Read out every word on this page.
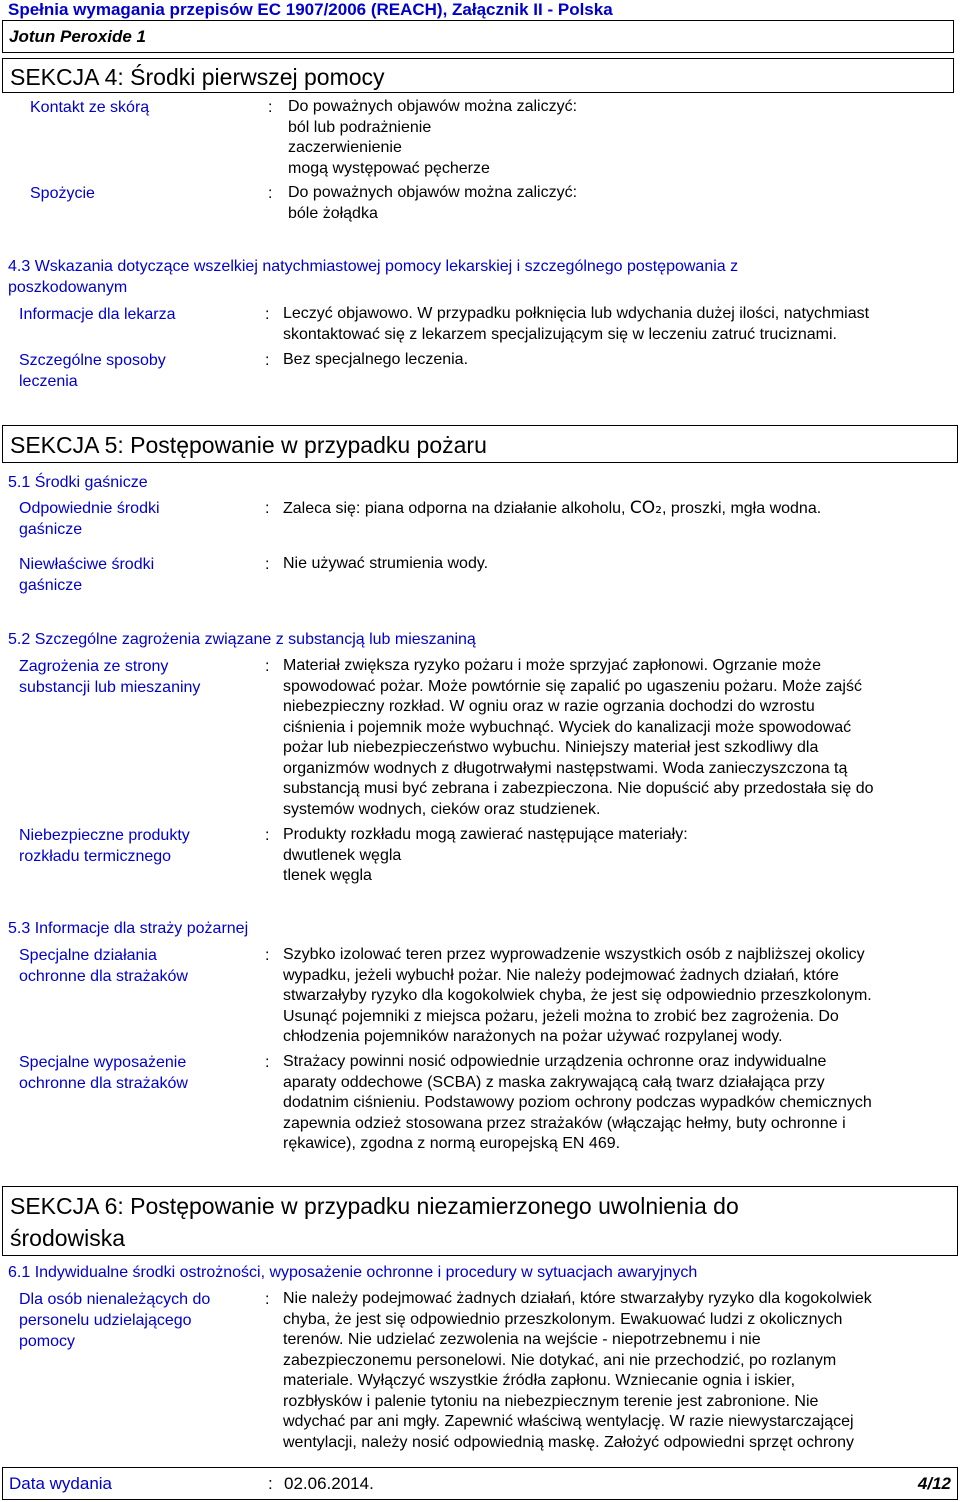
Spełnia wymagania przepisów EC 1907/2006 (REACH), Załącznik II - Polska
Jotun Peroxide 1
SEKCJA 4: Środki pierwszej pomocy
Kontakt ze skórą	: Do poważnych objawów można zaliczyć:
ból lub podrażnienie
zaczerwienienie
mogą występować pęcherze
Spożycie	: Do poważnych objawów można zaliczyć:
bóle żołądka
4.3 Wskazania dotyczące wszelkiej natychmiastowej pomocy lekarskiej i szczególnego postępowania z
poszkodowanym
Informacje dla lekarza	: Leczyć objawowo. W przypadku połknięcia lub wdychania dużej ilości, natychmiast
skontaktować się z lekarzem specjalizującym się w leczeniu zatruć truciznami.
Szczególne sposoby
leczenia
: Bez specjalnego leczenia.
SEKCJA 5: Postępowanie w przypadku pożaru
5.1 Środki gaśnicze
Odpowiednie środki
gaśnicze
: Zaleca się: piana odporna na działanie alkoholu, CO₂, proszki, mgła wodna.
Niewłaściwe środki
gaśnicze
: Nie używać strumienia wody.
5.2 Szczególne zagrożenia związane z substancją lub mieszaniną
Zagrożenia ze strony
substancji lub mieszaniny
: Materiał zwiększa ryzyko pożaru i może sprzyjać zapłonowi. Ogrzanie może
spowodować pożar. Może powtórnie się zapalić po ugaszeniu pożaru. Może zajść
niebezpieczny rozkład. W ogniu oraz w razie ogrzania dochodzi do wzrostu
ciśnienia i pojemnik może wybuchnąć. Wyciek do kanalizacji może spowodować
pożar lub niebezpieczeństwo wybuchu. Niniejszy materiał jest szkodliwy dla
organizmów wodnych z długotrwałymi następstwami. Woda zanieczyszczona tą
substancją musi być zebrana i zabezpieczona. Nie dopuścić aby przedostała się do
systemów wodnych, cieków oraz studzienek.
Niebezpieczne produkty
rozkładu termicznego
: Produkty rozkładu mogą zawierać następujące materiały:
dwutlenek węgla
tlenek węgla
5.3 Informacje dla straży pożarnej
Specjalne działania
ochronne dla strażaków
: Szybko izolować teren przez wyprowadzenie wszystkich osób z najbliższej okolicy
wypadku, jeżeli wybuchł pożar. Nie należy podejmować żadnych działań, które
stwarzałyby ryzyko dla kogokolwiek chyba, że jest się odpowiednio przeszkolonym.
Usunąć pojemniki z miejsca pożaru, jeżeli można to zrobić bez zagrożenia. Do
chłodzenia pojemników narażonych na pożar używać rozpylanej wody.
Specjalne wyposażenie
ochronne dla strażaków
: Strażacy powinni nosić odpowiednie urządzenia ochronne oraz indywidualne
aparaty oddechowe (SCBA) z maska zakrywającą całą twarz działająca przy
dodatnim ciśnieniu. Podstawowy poziom ochrony podczas wypadków chemicznych
zapewnia odzież stosowana przez strażaków (włączając hełmy, buty ochronne i
rękawice), zgodna z normą europejską EN 469.
SEKCJA 6: Postępowanie w przypadku niezamierzonego uwolnienia do
środowiska
6.1 Indywidualne środki ostrożności, wyposażenie ochronne i procedury w sytuacjach awaryjnych
Dla osób nienależących do
personelu udzielającego
pomocy
: Nie należy podejmować żadnych działań, które stwarzałyby ryzyko dla kogokolwiek
chyba, że jest się odpowiednio przeszkolonym. Ewakuować ludzi z okolicznych
terenów. Nie udzielać zezwolenia na wejście - niepotrzebnemu i nie
zabezpieczonemu personelowi. Nie dotykać, ani nie przechodzić, po rozlanym
materiale. Wyłączyć wszystkie źródła zapłonu. Wzniecanie ognia i iskier,
rozbłysków i palenie tytoniu na niebezpiecznym terenie jest zabronione. Nie
wdychać par ani mgły. Zapewnić właściwą wentylację. W razie niewystarczającej
wentylacji, należy nosić odpowiednią maskę. Założyć odpowiedni sprzęt ochrony
Data wydania	: 02.06.2014.	4/12
